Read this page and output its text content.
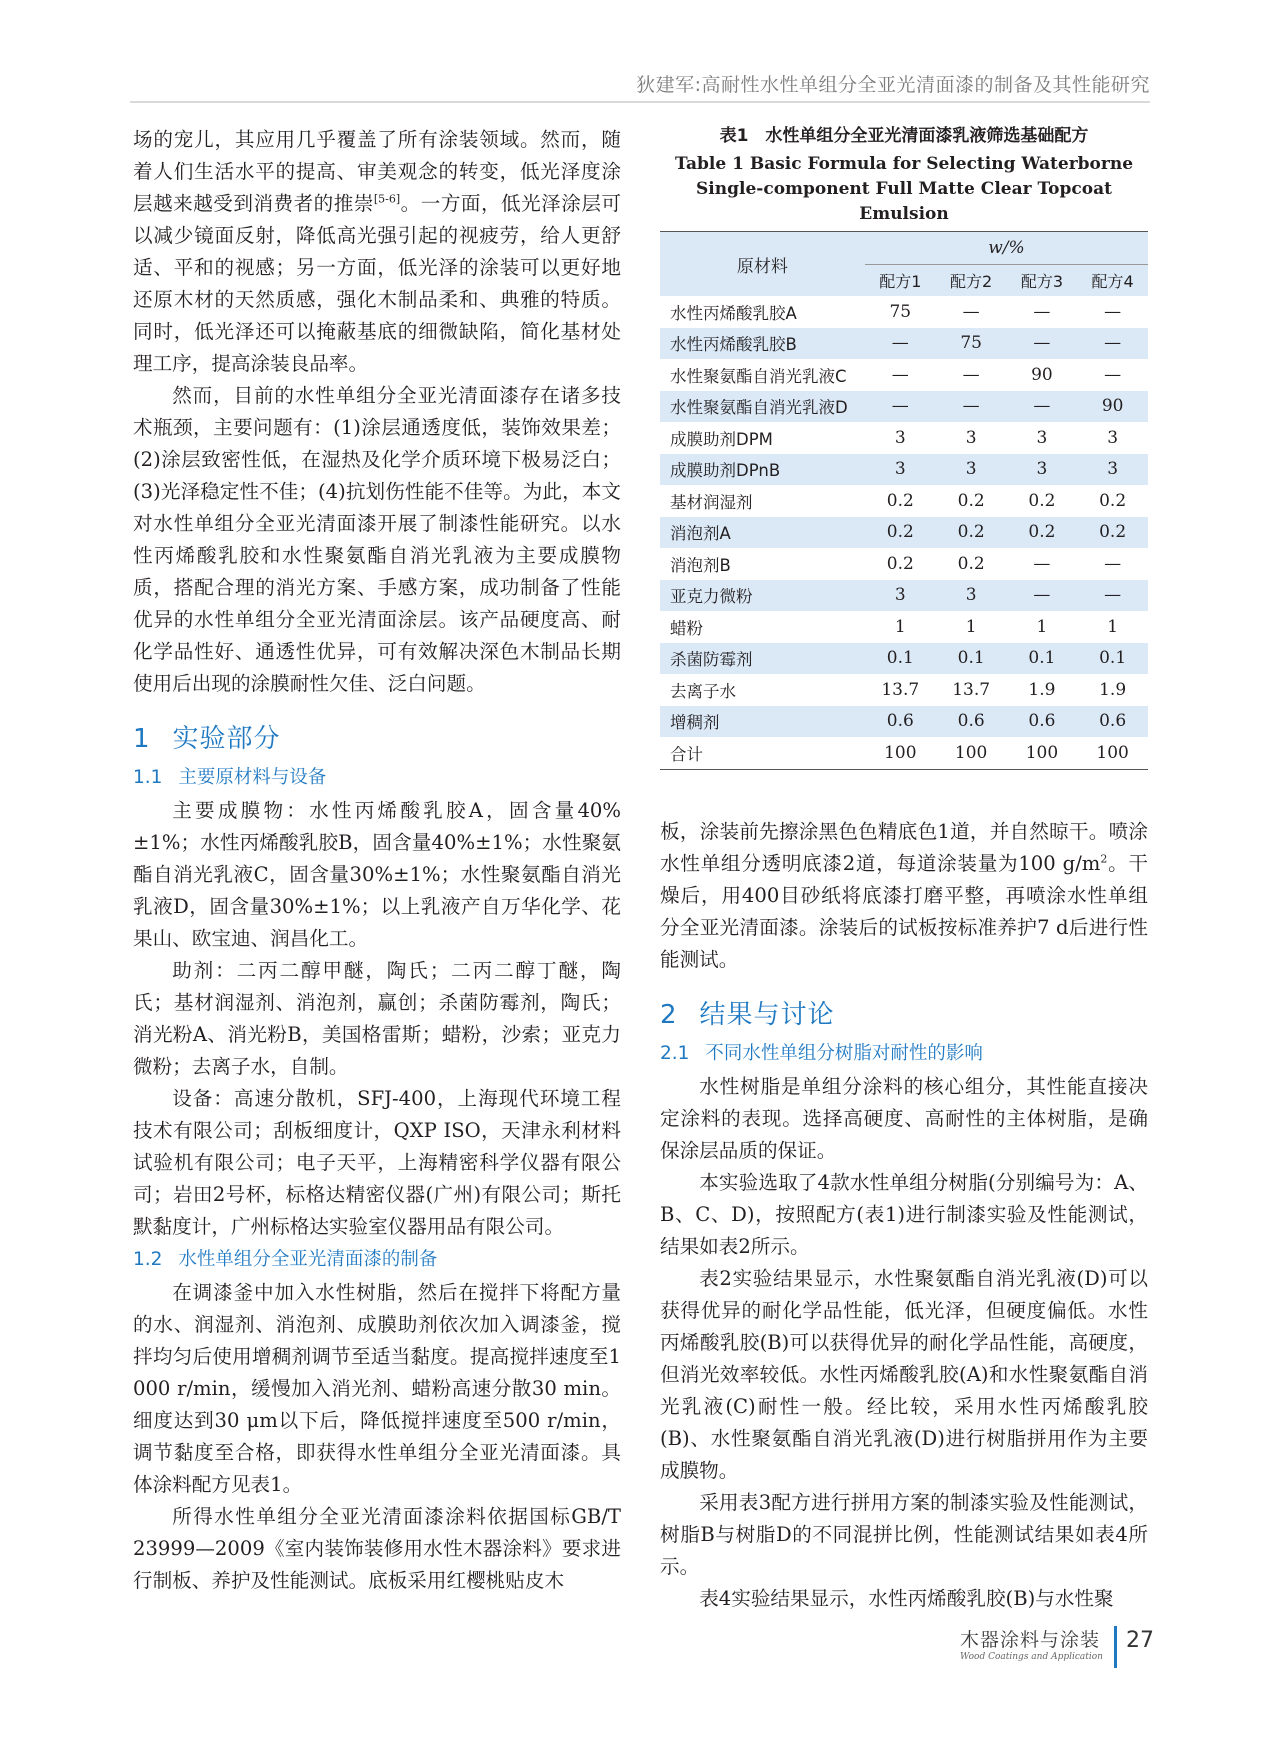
狄建军:高耐性水性单组分全亚光清面漆的制备及其性能研究

场的宠儿，其应用几乎覆盖了所有涂装领域。然而，随着人们生活水平的提高、审美观念的转变，低光泽度涂层越来越受到消费者的推崇[5-6]。一方面，低光泽涂层可以减少镜面反射，降低高光强引起的视疲劳，给人更舒适、平和的视感；另一方面，低光泽的涂装可以更好地还原木材的天然质感，强化木制品柔和、典雅的特质。同时，低光泽还可以掩蔽基底的细微缺陷，简化基材处理工序，提高涂装良品率。

然而，目前的水性单组分全亚光清面漆存在诸多技术瓶颈，主要问题有：(1)涂层通透度低，装饰效果差；(2)涂层致密性低，在湿热及化学介质环境下极易泛白；(3)光泽稳定性不佳；(4)抗划伤性能不佳等。为此，本文对水性单组分全亚光清面漆开展了制漆性能研究。以水性丙烯酸乳胶和水性聚氨酯自消光乳液为主要成膜物质，搭配合理的消光方案、手感方案，成功制备了性能优异的水性单组分全亚光清面涂层。该产品硬度高、耐化学品性好、通透性优异，可有效解决深色木制品长期使用后出现的涂膜耐性欠佳、泛白问题。

1 实验部分
1.1 主要原材料与设备

主要成膜物：水性丙烯酸乳胶A，固含量40%±1%；水性丙烯酸乳胶B，固含量40%±1%；水性聚氨酯自消光乳液C，固含量30%±1%；水性聚氨酯自消光乳液D，固含量30%±1%；以上乳液产自万华化学、花果山、欧宝迪、润昌化工。

助剂：二丙二醇甲醚，陶氏；二丙二醇丁醚，陶氏；基材润湿剂、消泡剂，赢创；杀菌防霉剂，陶氏；消光粉A、消光粉B，美国格雷斯；蜡粉，沙索；亚克力微粉；去离子水，自制。

设备：高速分散机，SFJ-400，上海现代环境工程技术有限公司；刮板细度计，QXP ISO，天津永利材料试验机有限公司；电子天平，上海精密科学仪器有限公司；岩田2号杯，标格达精密仪器(广州)有限公司；斯托默黏度计，广州标格达实验室仪器用品有限公司。

1.2 水性单组分全亚光清面漆的制备

在调漆釜中加入水性树脂，然后在搅拌下将配方量的水、润湿剂、消泡剂、成膜助剂依次加入调漆釜，搅拌均匀后使用增稠剂调节至适当黏度。提高搅拌速度至1 000 r/min，缓慢加入消光剂、蜡粉高速分散30 min。细度达到30 μm以下后，降低搅拌速度至500 r/min，调节黏度至合格，即获得水性单组分全亚光清面漆。具体涂料配方见表1。

所得水性单组分全亚光清面漆涂料依据国标GB/T 23999—2009《室内装饰装修用水性木器涂料》要求进行制板、养护及性能测试。底板采用红樱桃贴皮木

表1　水性单组分全亚光清面漆乳液筛选基础配方
Table 1 Basic Formula for Selecting Waterborne
Single-component Full Matte Clear Topcoat Emulsion
原材料	w/%			
	配方1	配方2	配方3	配方4
水性丙烯酸乳胶A	75	—	—	—
水性丙烯酸乳胶B	—	75	—	—
水性聚氨酯自消光乳液C	—	—	90	—
水性聚氨酯自消光乳液D	—	—	—	90
成膜助剂DPM	3	3	3	3
成膜助剂DPnB	3	3	3	3
基材润湿剂	0.2	0.2	0.2	0.2
消泡剂A	0.2	0.2	0.2	0.2
消泡剂B	0.2	0.2	—	—
亚克力微粉	3	3	—	—
蜡粉	1	1	1	1
杀菌防霉剂	0.1	0.1	0.1	0.1
去离子水	13.7	13.7	1.9	1.9
增稠剂	0.6	0.6	0.6	0.6
合计	100	100	100	100

板，涂装前先擦涂黑色色精底色1道，并自然晾干。喷涂水性单组分透明底漆2道，每道涂装量为100 $g/m^2$。干燥后，用400目砂纸将底漆打磨平整，再喷涂水性单组分全亚光清面漆。涂装后的试板按标准养护7 d后进行性能测试。

2 结果与讨论
2.1 不同水性单组分树脂对耐性的影响

水性树脂是单组分涂料的核心组分，其性能直接决定涂料的表现。选择高硬度、高耐性的主体树脂，是确保涂层品质的保证。

本实验选取了4款水性单组分树脂(分别编号为：A、B、C、D)，按照配方(表1)进行制漆实验及性能测试，结果如表2所示。

表2实验结果显示，水性聚氨酯自消光乳液(D)可以获得优异的耐化学品性能，低光泽，但硬度偏低。水性丙烯酸乳胶(B)可以获得优异的耐化学品性能，高硬度，但消光效率较低。水性丙烯酸乳胶(A)和水性聚氨酯自消光乳液(C)耐性一般。经比较，采用水性丙烯酸乳胶(B)、水性聚氨酯自消光乳液(D)进行树脂拼用作为主要成膜物。

采用表3配方进行拼用方案的制漆实验及性能测试，树脂B与树脂D的不同混拼比例，性能测试结果如表4所示。

表4实验结果显示，水性丙烯酸乳胶(B)与水性聚

木器涂料与涂装
Wood Coatings and Application
27
